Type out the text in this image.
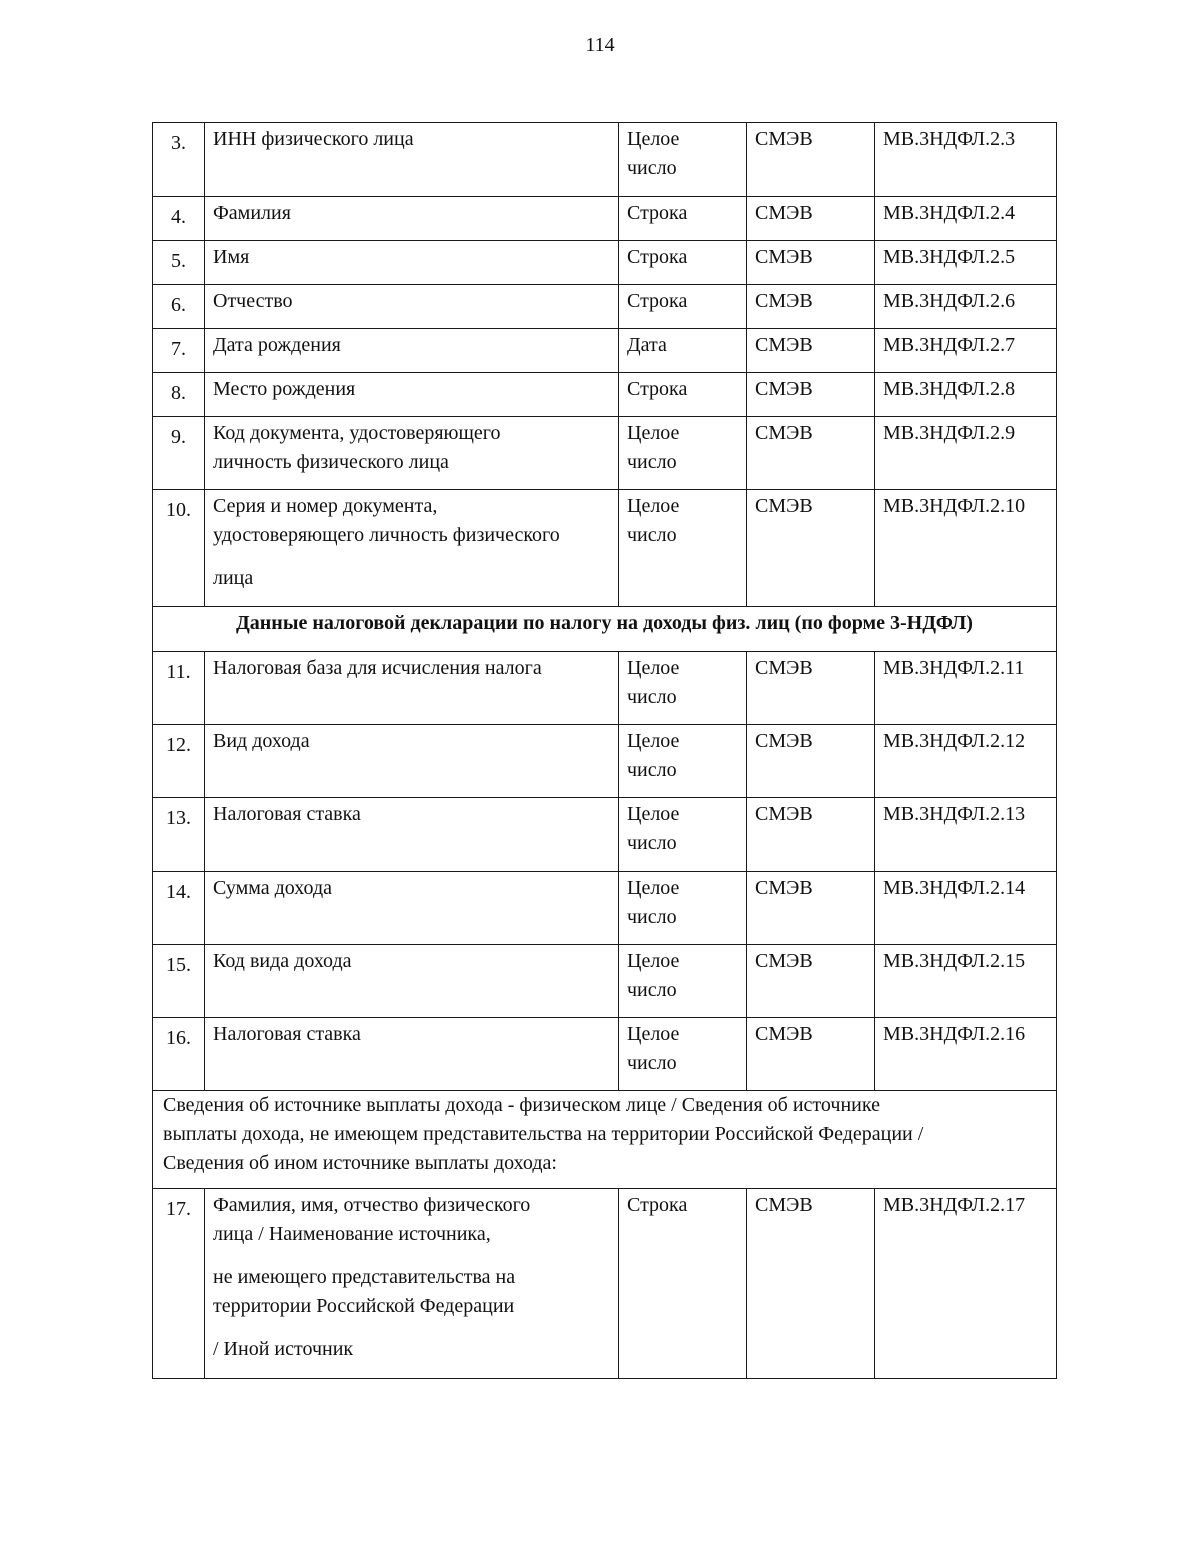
114
3.	ИНН физического лица	Целое
число	СМЭВ	МВ.3НДФЛ.2.3
4.	Фамилия	Строка	СМЭВ	МВ.3НДФЛ.2.4
5.	Имя	Строка	СМЭВ	МВ.3НДФЛ.2.5
6.	Отчество	Строка	СМЭВ	МВ.3НДФЛ.2.6
7.	Дата рождения	Дата	СМЭВ	МВ.3НДФЛ.2.7
8.	Место рождения	Строка	СМЭВ	МВ.3НДФЛ.2.8
9.	Код документа, удостоверяющего
личность физического лица	Целое
число	СМЭВ	МВ.3НДФЛ.2.9
10.	Серия и номер документа,
удостоверяющего личность физического
лица	Целое
число	СМЭВ	МВ.3НДФЛ.2.10
Данные налоговой декларации по налогу на доходы физ. лиц (по форме 3-НДФЛ)				
11.	Налоговая база для исчисления налога	Целое
число	СМЭВ	МВ.3НДФЛ.2.11
12.	Вид дохода	Целое
число	СМЭВ	МВ.3НДФЛ.2.12
13.	Налоговая ставка	Целое
число	СМЭВ	МВ.3НДФЛ.2.13
14.	Сумма дохода	Целое
число	СМЭВ	МВ.3НДФЛ.2.14
15.	Код вида дохода	Целое
число	СМЭВ	МВ.3НДФЛ.2.15
16.	Налоговая ставка	Целое
число	СМЭВ	МВ.3НДФЛ.2.16

Сведения об источнике выплаты дохода - физическом лице / Сведения об источнике
выплаты дохода, не имеющем представительства на территории Российской Федерации /
Сведения об ином источнике выплаты дохода:				

17.	Фамилия, имя, отчество физического
лица / Наименование источника,
не имеющего представительства на
территории Российской Федерации
/ Иной источник	Строка	СМЭВ	МВ.3НДФЛ.2.17
